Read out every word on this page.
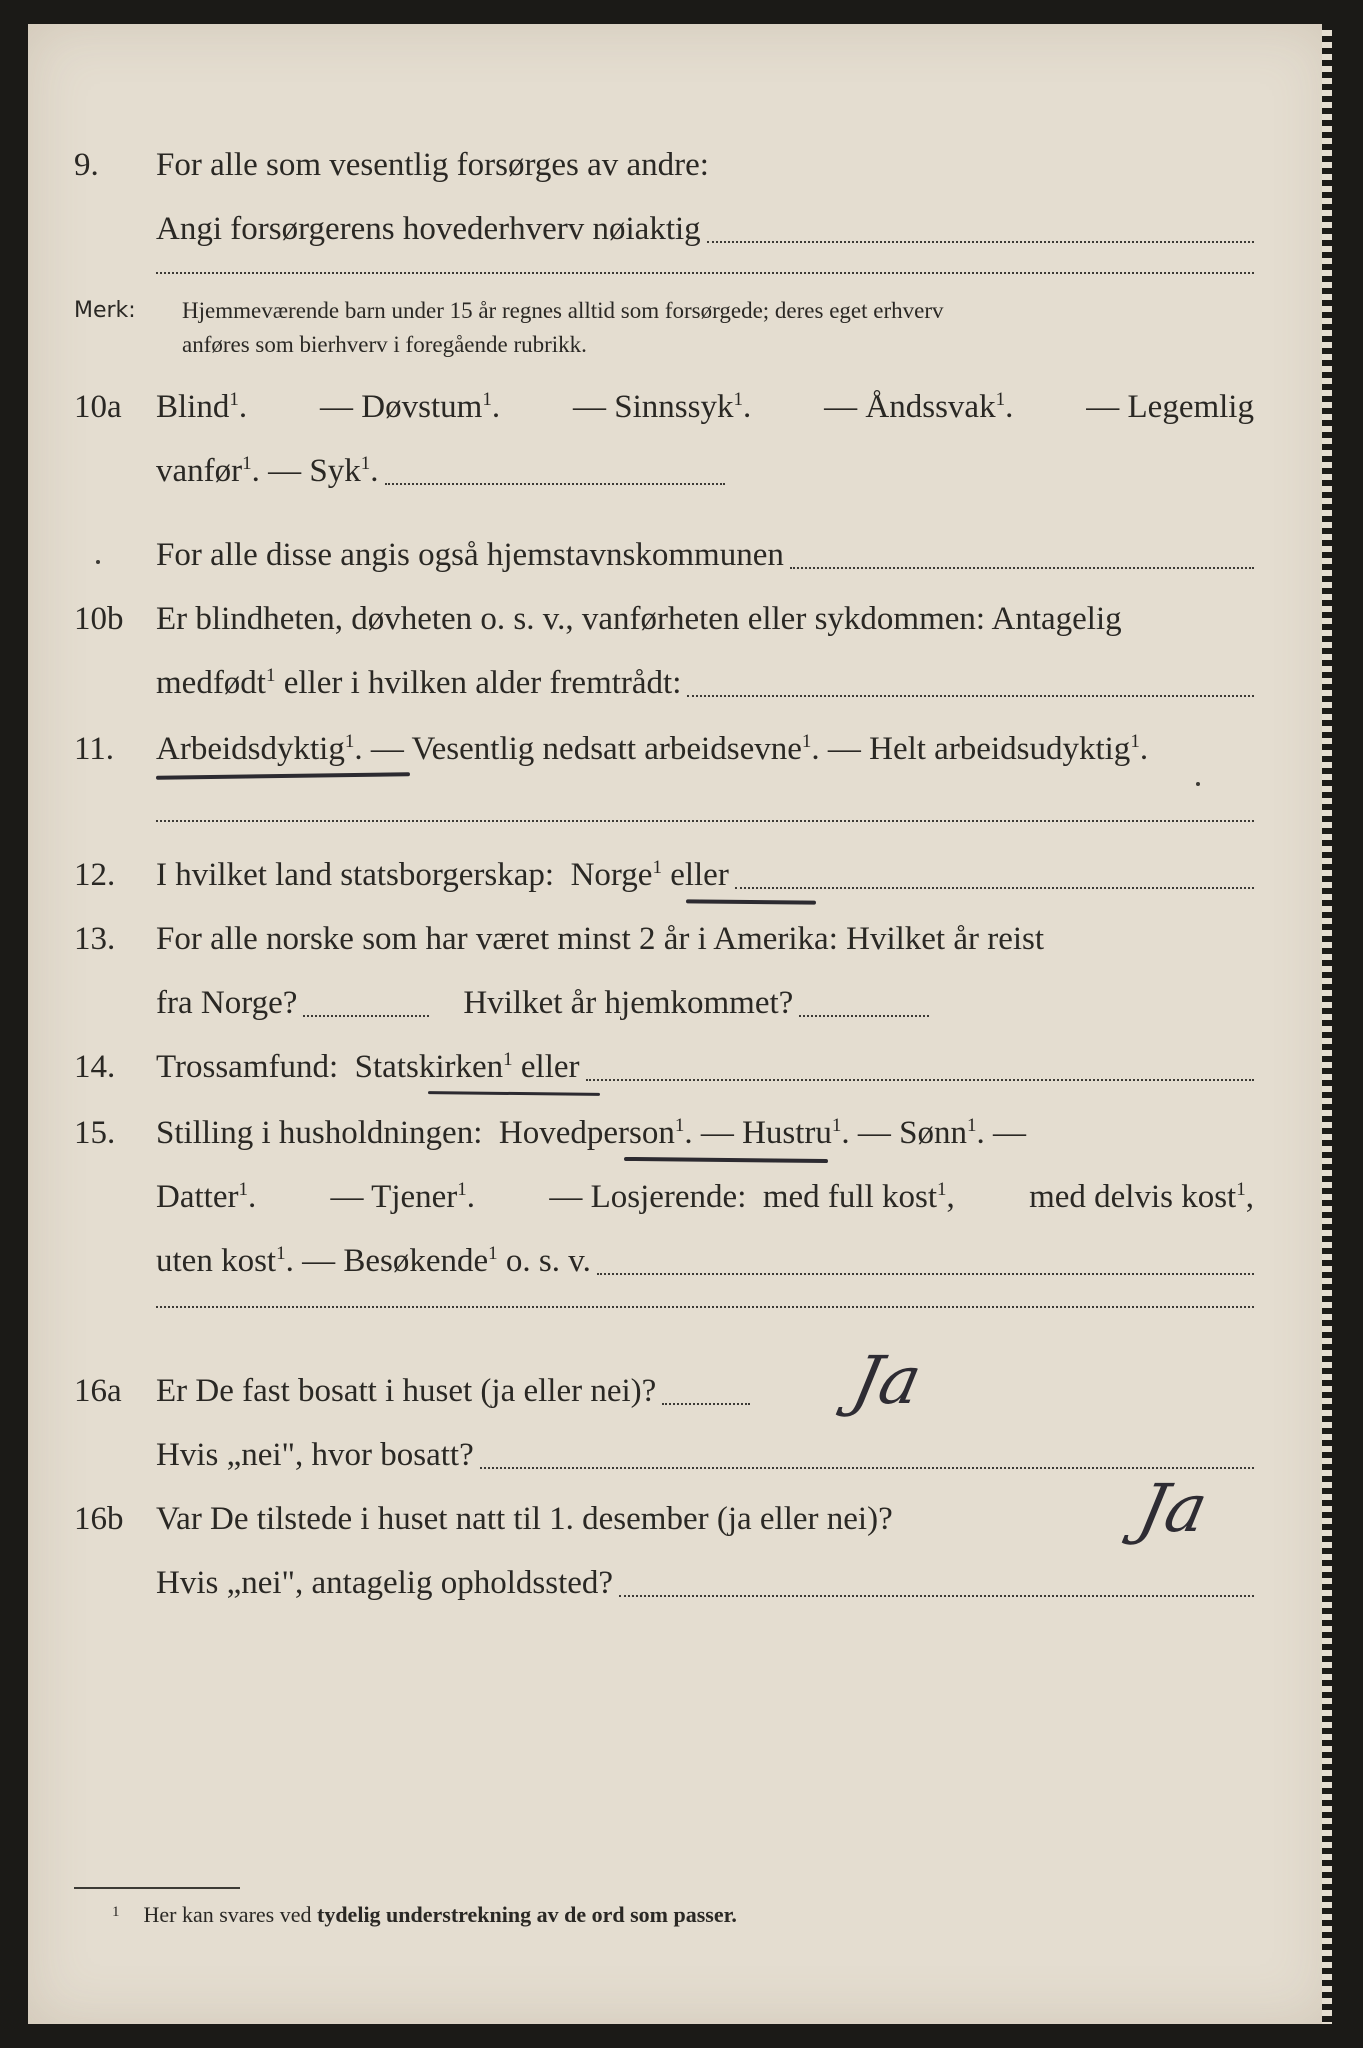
9. For alle som vesentlig forsørges av andre:
Angi forsørgerens hovederhverv nøiaktig
Merk: Hjemmeværende barn under 15 år regnes alltid som forsørgede; deres eget erhverv
anføres som bierhverv i foregående rubrikk.
10a Blind$^1$. — Døvstum$^1$. — Sinnssyk$^1$. — Åndssvak$^1$. — Legemlig
vanfør$^1$. — Syk$^1$.
For alle disse angis også hjemstavnskommunen
10b Er blindheten, døvheten o. s. v., vanførheten eller sykdommen: Antagelig
medfødt$^1$ eller i hvilken alder fremtrådt:
11. Arbeidsdyktig$^1$. — Vesentlig nedsatt arbeidsevne$^1$. — Helt arbeidsudyktig$^1$.
12. I hvilket land statsborgerskap:  Norge$^1$ eller
13. For alle norske som har været minst 2 år i Amerika: Hvilket år reist
fra Norge?	Hvilket år hjemkommet?
14. Trossamfund:  Statskirken$^1$ eller
15. Stilling i husholdningen:  Hovedperson$^1$. — Hustru$^1$. — Sønn$^1$. —
Datter$^1$. — Tjener$^1$. — Losjerende:  med full kost$^1$, med delvis kost$^1$,
uten kost$^1$. — Besøkende$^1$ o. s. v.
16a Er De fast bosatt i huset (ja eller nei)?	Ja
Hvis „nei", hvor bosatt?
16b Var De tilstede i huset natt til 1. desember (ja eller nei)?	Ja
Hvis „nei", antagelig opholdssted?
$^1$ Her kan svares ved tydelig understrekning av de ord som passer.
